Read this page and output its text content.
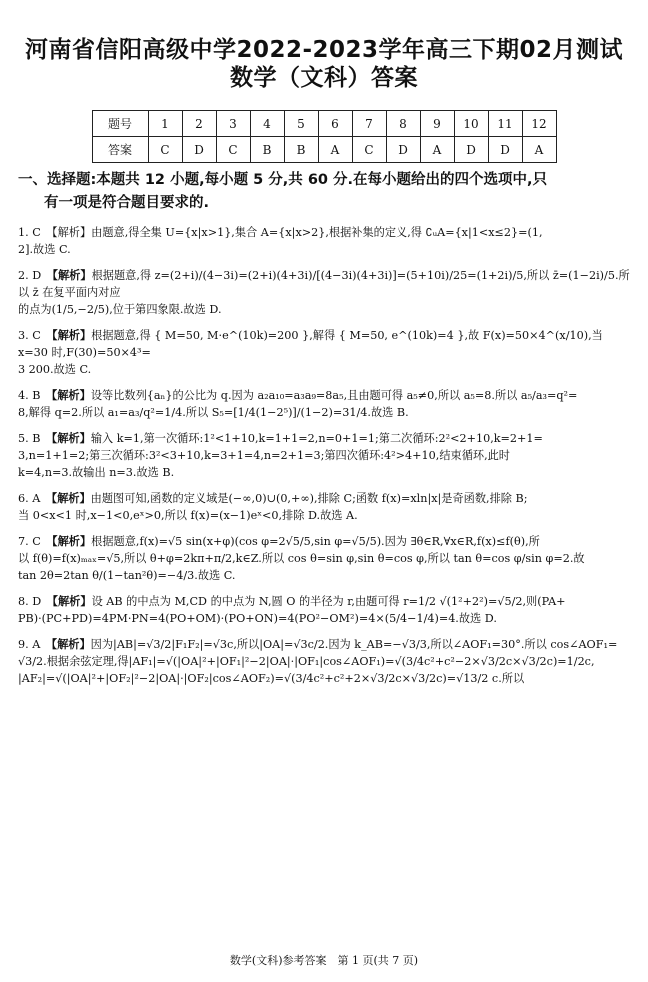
河南省信阳高级中学2022-2023学年高三下期02月测试
数学（文科）答案
题号	1	2	3	4	5	6	7	8	9	10	11	12
答案	C	D	C	B	B	A	C	D	A	D	D	A
一、选择题:本题共 12 小题,每小题 5 分,共 60 分.在每小题给出的四个选项中,只
有一项是符合题目要求的.
1. C　 【解析】由题意,得全集 U={x|x>1},集合 A={x|x>2},根据补集的定义,得 ∁ᵤA={x|1<x≤2}=(1,
2].故选 C.
2. D　 【解析】根据题意,得 z=(2+i)/(4−3i)=(2+i)(4+3i)/[(4−3i)(4+3i)]=(5+10i)/25=(1+2i)/5,所以 z̄=(1−2i)/5.所以 z̄ 在复平面内对应
的点为(1/5,−2/5),位于第四象限.故选 D.
3. C　 【解析】根据题意,得 { M=50, M·e^(10k)=200 },解得 { M=50, e^(10k)=4 },故 F(x)=50×4^(x/10),当 x=30 时,F(30)=50×4³=
3 200.故选 C.
4. B　 【解析】设等比数列{aₙ}的公比为 q.因为 a₂a₁₀=a₃a₉=8a₅,且由题可得 a₅≠0,所以 a₅=8.所以 a₅/a₃=q²=
8,解得 q=2.所以 a₁=a₃/q²=1/4.所以 S₅=[1/4(1−2⁵)]/(1−2)=31/4.故选 B.
5. B　 【解析】输入 k=1,第一次循环:1²<1+10,k=1+1=2,n=0+1=1;第二次循环:2²<2+10,k=2+1=
3,n=1+1=2;第三次循环:3²<3+10,k=3+1=4,n=2+1=3;第四次循环:4²>4+10,结束循环,此时
k=4,n=3.故输出 n=3.故选 B.
6. A　 【解析】由题图可知,函数的定义域是(−∞,0)∪(0,+∞),排除 C;函数 f(x)=xln|x|是奇函数,排除 B;
当 0<x<1 时,x−1<0,eˣ>0,所以 f(x)=(x−1)eˣ<0,排除 D.故选 A.
7. C　 【解析】根据题意,f(x)=√5 sin(x+φ)(cos φ=2√5/5,sin φ=√5/5).因为 ∃θ∈R,∀x∈R,f(x)≤f(θ),所
以 f(θ)=f(x)ₘₐₓ=√5,所以 θ+φ=2kπ+π/2,k∈Z.所以 cos θ=sin φ,sin θ=cos φ,所以 tan θ=cos φ/sin φ=2.故
tan 2θ=2tan θ/(1−tan²θ)=−4/3.故选 C.
8. D　 【解析】设 AB 的中点为 M,CD 的中点为 N,圆 O 的半径为 r,由题可得 r=1/2 √(1²+2²)=√5/2,则(PA+
PB)·(PC+PD)=4PM·PN=4(PO+OM)·(PO+ON)=4(PO²−OM²)=4×(5/4−1/4)=4.故选 D.
9. A　 【解析】因为|AB|=√3/2|F₁F₂|=√3c,所以|OA|=√3c/2.因为 k_AB=−√3/3,所以∠AOF₁=30°.所以 cos∠AOF₁=
√3/2.根据余弦定理,得|AF₁|=√(|OA|²+|OF₁|²−2|OA|·|OF₁|cos∠AOF₁)=√(3/4c²+c²−2×√3/2c×√3/2c)=1/2c,
|AF₂|=√(|OA|²+|OF₂|²−2|OA|·|OF₂|cos∠AOF₂)=√(3/4c²+c²+2×√3/2c×√3/2c)=√13/2 c.所以
数学(文科)参考答案　第 1 页(共 7 页)
